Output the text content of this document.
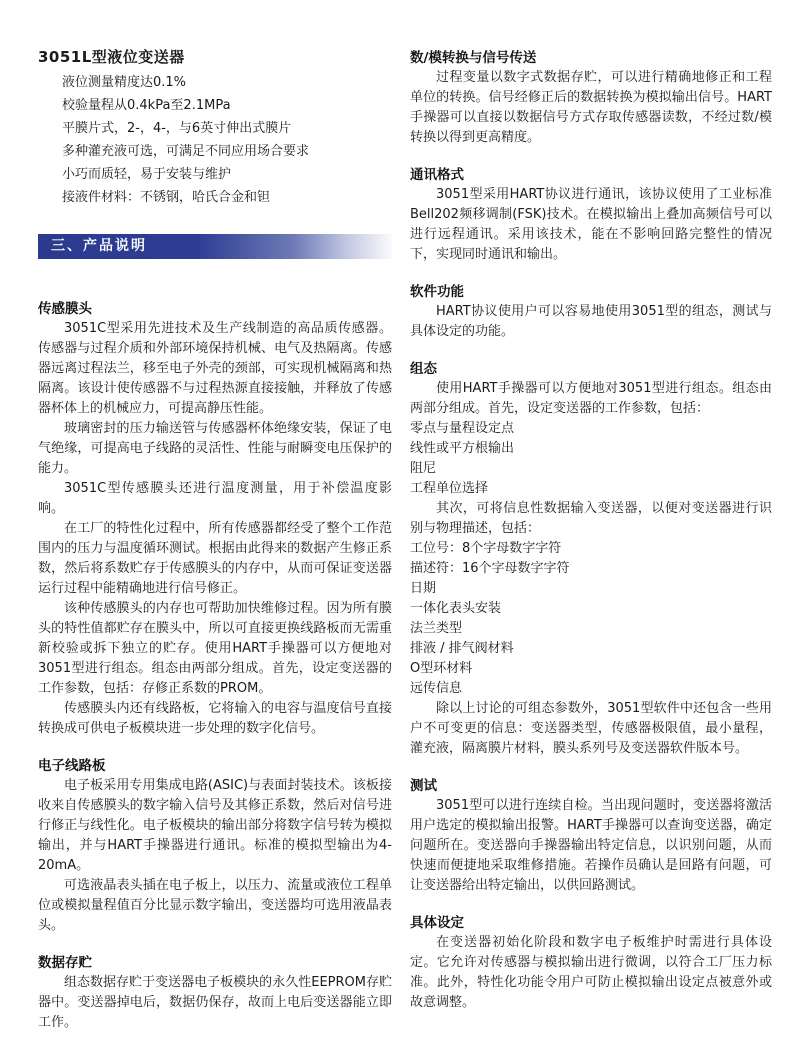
3051L型液位变送器
液位测量精度达0.1%
校验量程从0.4kPa至2.1MPa
平膜片式，2-，4-，与6英寸伸出式膜片
多种灌充液可选，可满足不同应用场合要求
小巧而质轻，易于安装与维护
接液件材料：不锈钢，哈氏合金和钽
三、产品说明
传感膜头

3051C型采用先进技术及生产线制造的高品质传感器。传感器与过程介质和外部环境保持机械、电气及热隔离。传感器远离过程法兰，移至电子外壳的颈部，可实现机械隔离和热隔离。该设计使传感器不与过程热源直接接触，并释放了传感器杯体上的机械应力，可提高静压性能。

玻璃密封的压力输送管与传感器杯体绝缘安装，保证了电气绝缘，可提高电子线路的灵活性、性能与耐瞬变电压保护的能力。

3051C型传感膜头还进行温度测量，用于补偿温度影响。

在工厂的特性化过程中，所有传感器都经受了整个工作范围内的压力与温度循环测试。根据由此得来的数据产生修正系数，然后将系数贮存于传感膜头的内存中，从而可保证变送器运行过程中能精确地进行信号修正。

该种传感膜头的内存也可帮助加快维修过程。因为所有膜头的特性值都贮存在膜头中，所以可直接更换线路板而无需重新校验或拆下独立的贮存。使用HART手操器可以方便地对3051型进行组态。组态由两部分组成。首先，设定变送器的工作参数，包括：存修正系数的PROM。

传感膜头内还有线路板，它将输入的电容与温度信号直接转换成可供电子板模块进一步处理的数字化信号。

电子线路板

电子板采用专用集成电路(ASIC)与表面封装技术。该板接收来自传感膜头的数字输入信号及其修正系数，然后对信号进行修正与线性化。电子板模块的输出部分将数字信号转为模拟输出，并与HART手操器进行通讯。标准的模拟型输出为4-20mA。

可选液晶表头插在电子板上，以压力、流量或液位工程单位或模拟量程值百分比显示数字输出，变送器均可选用液晶表头。

数据存贮

组态数据存贮于变送器电子板模块的永久性EEPROM存贮器中。变送器掉电后，数据仍保存，故而上电后变送器能立即工作。

数/模转换与信号传送

过程变量以数字式数据存贮，可以进行精确地修正和工程单位的转换。信号经修正后的数据转换为模拟输出信号。HART手操器可以直接以数据信号方式存取传感器读数，不经过数/模转换以得到更高精度。

通讯格式

3051型采用HART协议进行通讯，该协议使用了工业标准Bell202频移调制(FSK)技术。在模拟输出上叠加高频信号可以进行远程通讯。采用该技术，能在不影响回路完整性的情况下，实现同时通讯和输出。

软件功能

HART协议使用户可以容易地使用3051型的组态，测试与具体设定的功能。

组态

使用HART手操器可以方便地对3051型进行组态。组态由两部分组成。首先，设定变送器的工作参数，包括：

零点与量程设定点

线性或平方根输出

阻尼

工程单位选择

其次，可将信息性数据输入变送器，以便对变送器进行识别与物理描述，包括：

工位号：8个字母数字字符

描述符：16个字母数字字符

日期

一体化表头安装

法兰类型

排液 / 排气阀材料

O型环材料

远传信息

除以上讨论的可组态参数外，3051型软件中还包含一些用户不可变更的信息：变送器类型，传感器极限值，最小量程，灌充液，隔离膜片材料，膜头系列号及变送器软件版本号。

测试

3051型可以进行连续自检。当出现问题时，变送器将激活用户选定的模拟输出报警。HART手操器可以查询变送器，确定问题所在。变送器向手操器输出特定信息，以识别问题，从而快速而便捷地采取维修措施。若操作员确认是回路有问题，可让变送器给出特定输出，以供回路测试。

具体设定

在变送器初始化阶段和数字电子板维护时需进行具体设定。它允许对传感器与模拟输出进行微调，以符合工厂压力标准。此外，特性化功能令用户可防止模拟输出设定点被意外或故意调整。
